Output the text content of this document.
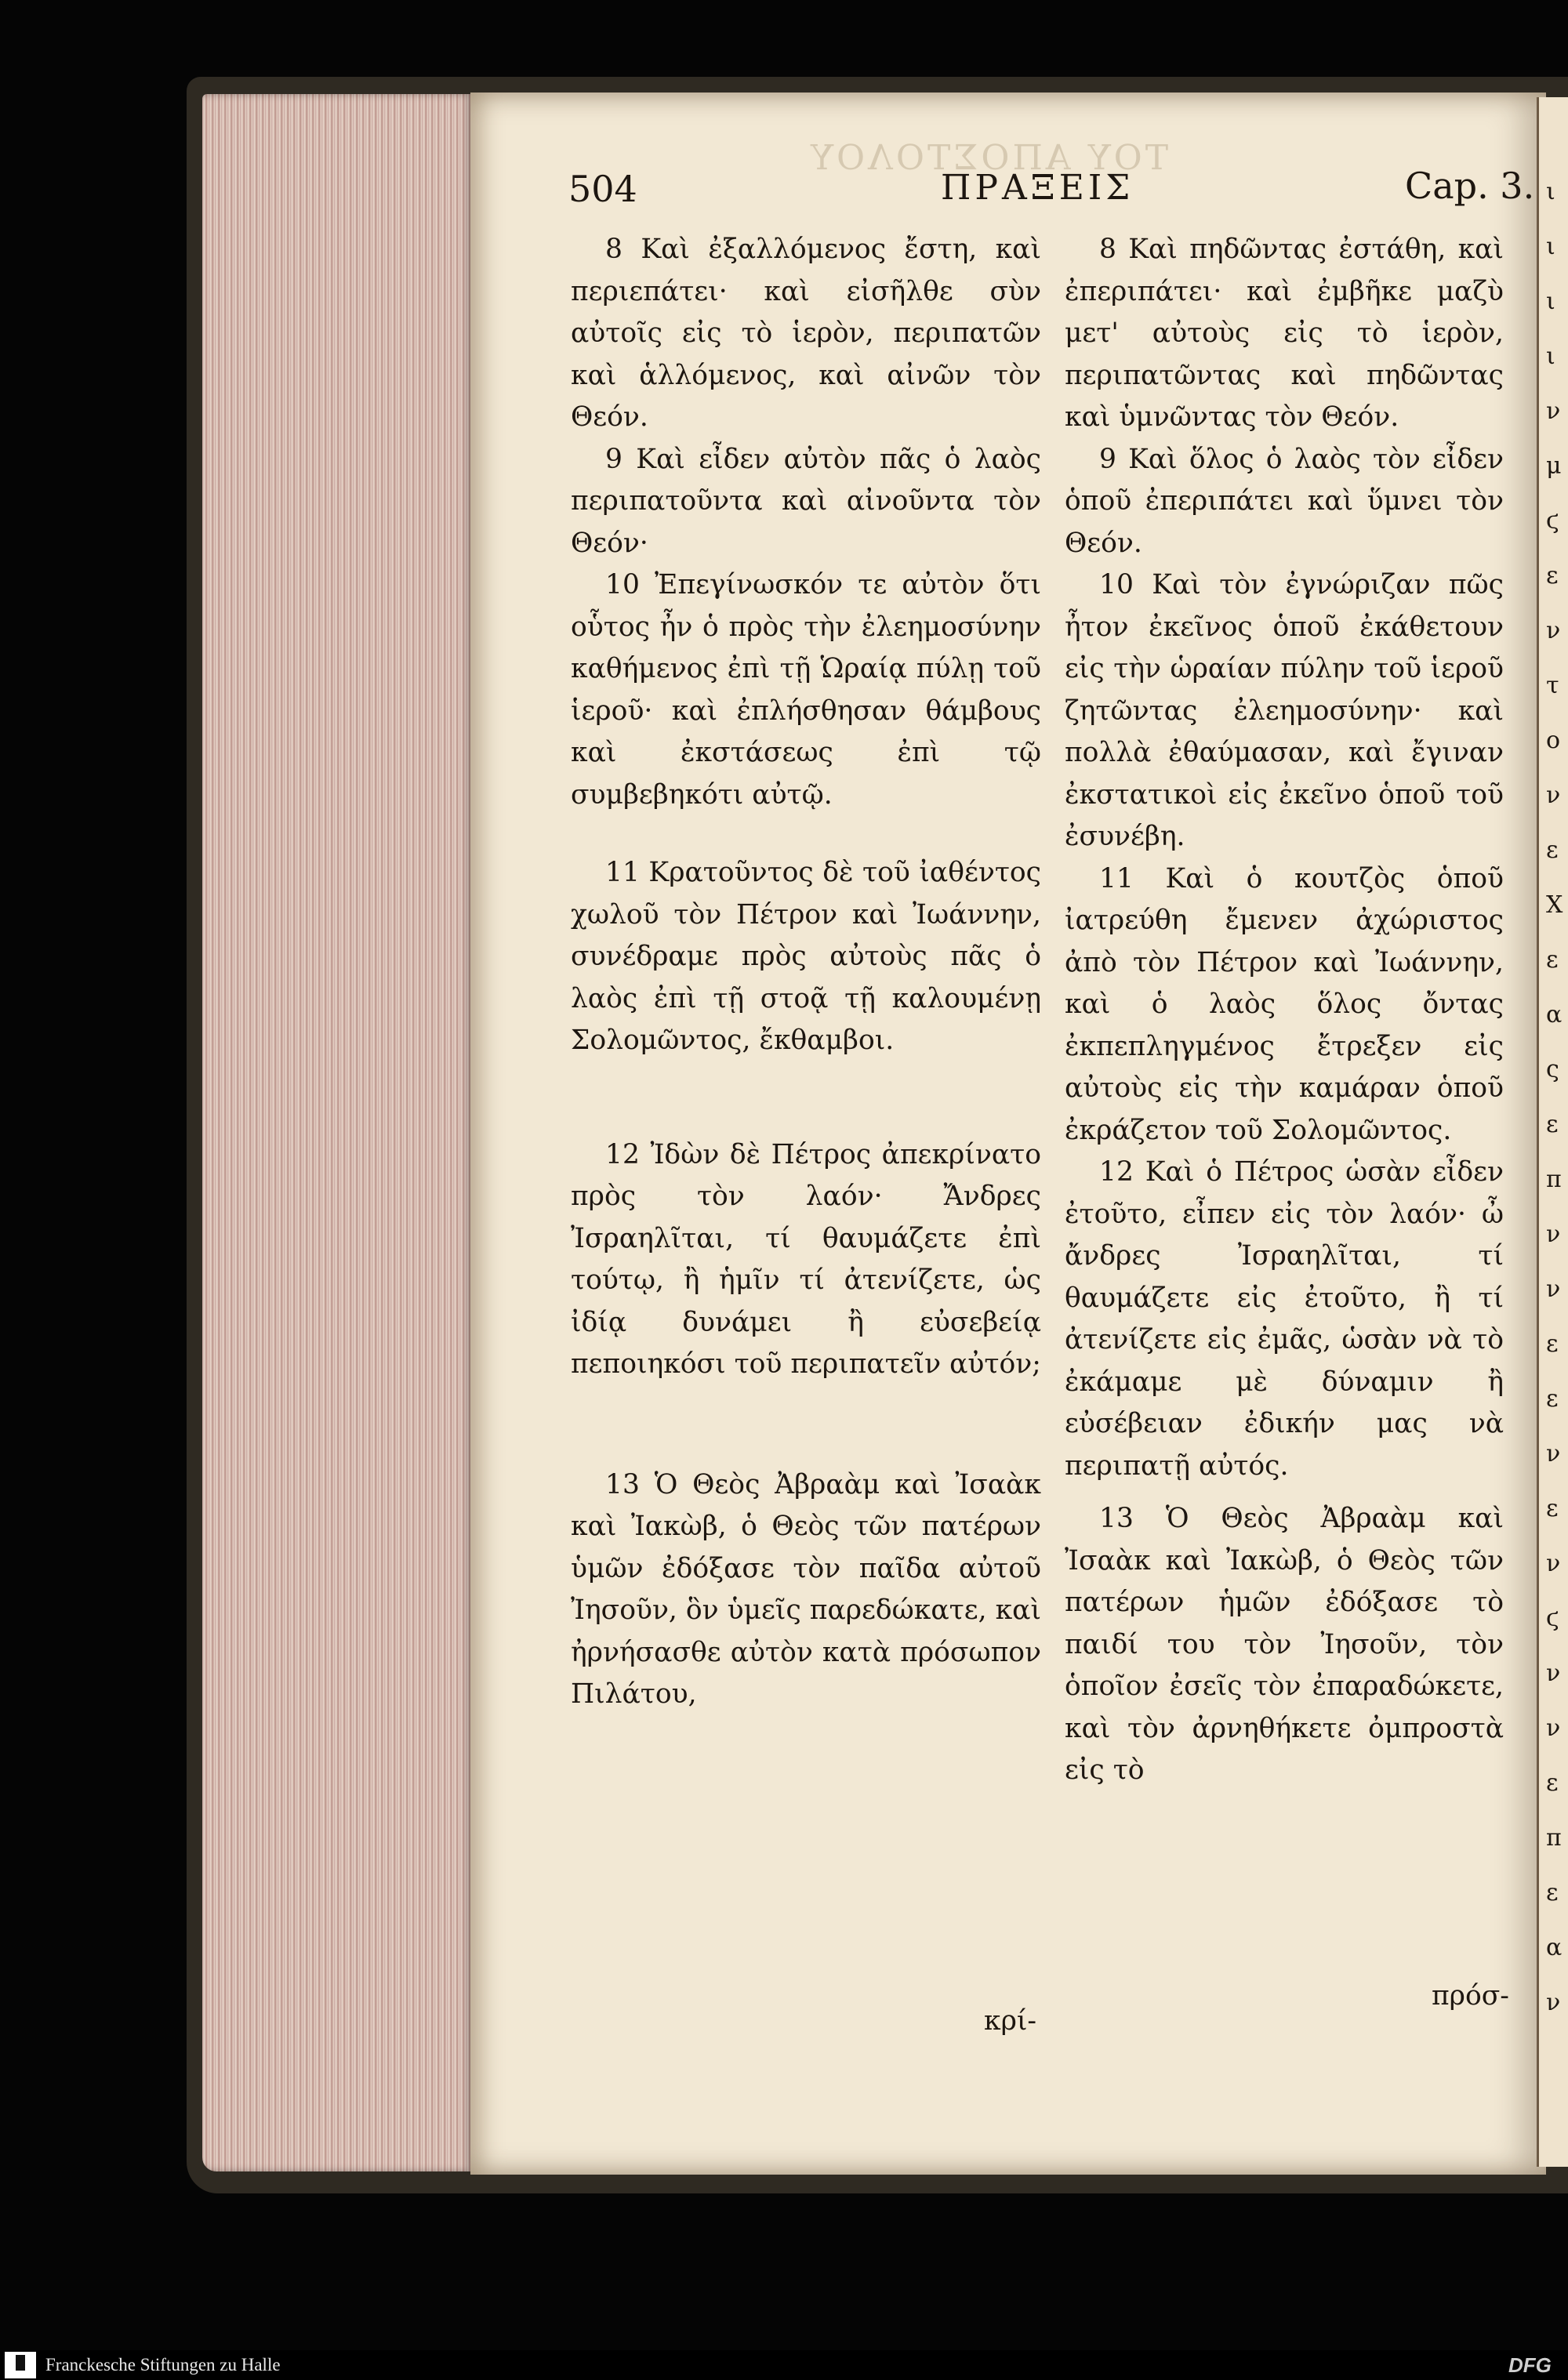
ι
ι
ι
ι
ν
μ
ϛ
ε
ν
τ
ο
ν
ε
Χ
ε
α
ς
ε
π
ν
ν
ε
ε
ν
ε
ν
ϛ
ν
ν
ε
π
ε
α
ν
ΤΟΥ ΑΠΟΣΤΟΛΟΥ
504	ΠΡΑΞΕΙΣ	Cap. 3.

8 Καὶ ἐξαλλόμενος ἔστη, καὶ περιεπάτει· καὶ εἰσῆλθε σὺν αὐτοῖς εἰς τὸ ἱερὸν, περιπατῶν καὶ ἁλλόμενος, καὶ αἰνῶν τὸν Θεόν.

9 Καὶ εἶδεν αὐτὸν πᾶς ὁ λαὸς περιπατοῦντα καὶ αἰνοῦντα τὸν Θεόν·

10 Ἐπεγίνωσκόν τε αὐτὸν ὅτι οὗτος ἦν ὁ πρὸς τὴν ἐλεημοσύνην καθήμενος ἐπὶ τῇ Ὡραίᾳ πύλῃ τοῦ ἱεροῦ· καὶ ἐπλήσθησαν θάμβους καὶ ἐκστάσεως ἐπὶ τῷ συμβεβηκότι αὐτῷ.

11 Κρατοῦντος δὲ τοῦ ἰαθέντος χωλοῦ τὸν Πέτρον καὶ Ἰωάννην, συνέδραμε πρὸς αὐτοὺς πᾶς ὁ λαὸς ἐπὶ τῇ στοᾷ τῇ καλουμένῃ Σολομῶντος, ἔκθαμβοι.

12 Ἰδὼν δὲ Πέτρος ἀπεκρίνατο πρὸς τὸν λαόν· Ἄνδρες Ἰσραηλῖται, τί θαυμάζετε ἐπὶ τούτῳ, ἢ ἡμῖν τί ἀτενίζετε, ὡς ἰδίᾳ δυνάμει ἢ εὐσεβείᾳ πεποιηκόσι τοῦ περιπατεῖν αὐτόν;

13 Ὁ Θεὸς Ἀβραὰμ καὶ Ἰσαὰκ καὶ Ἰακὼβ, ὁ Θεὸς τῶν πατέρων ὑμῶν ἐδόξασε τὸν παῖδα αὐτοῦ Ἰησοῦν, ὃν ὑμεῖς παρεδώκατε, καὶ ἠρνήσασθε αὐτὸν κατὰ πρόσωπον Πιλάτου,

κρί-

8 Καὶ πηδῶντας ἐστάθη, καὶ ἐπεριπάτει· καὶ ἐμβῆκε μαζὺ μετ' αὐτοὺς εἰς τὸ ἱερὸν, περιπατῶντας καὶ πηδῶντας καὶ ὑμνῶντας τὸν Θεόν.

9 Καὶ ὅλος ὁ λαὸς τὸν εἶδεν ὁποῦ ἐπεριπάτει καὶ ὕμνει τὸν Θεόν.

10 Καὶ τὸν ἐγνώριζαν πῶς ἦτον ἐκεῖνος ὁποῦ ἐκάθετουν εἰς τὴν ὡραίαν πύλην τοῦ ἱεροῦ ζητῶντας ἐλεημοσύνην· καὶ πολλὰ ἐθαύμασαν, καὶ ἔγιναν ἐκστατικοὶ εἰς ἐκεῖνο ὁποῦ τοῦ ἐσυνέβη.

11 Καὶ ὁ κουτζὸς ὁποῦ ἰατρεύθη ἔμενεν ἀχώριστος ἀπὸ τὸν Πέτρον καὶ Ἰωάννην, καὶ ὁ λαὸς ὅλος ὄντας ἐκπεπληγμένος ἔτρεξεν εἰς αὐτοὺς εἰς τὴν καμάραν ὁποῦ ἐκράζετον τοῦ Σολομῶντος.

12 Καὶ ὁ Πέτρος ὡσὰν εἶδεν ἐτοῦτο, εἶπεν εἰς τὸν λαόν· ὦ ἄνδρες Ἰσραηλῖται, τί θαυμάζετε εἰς ἐτοῦτο, ἢ τί ἀτενίζετε εἰς ἐμᾶς, ὡσὰν νὰ τὸ ἐκάμαμε μὲ δύναμιν ἢ εὐσέβειαν ἐδικήν μας νὰ περιπατῇ αὐτός.

13 Ὁ Θεὸς Ἀβραὰμ καὶ Ἰσαὰκ καὶ Ἰακὼβ, ὁ Θεὸς τῶν πατέρων ἡμῶν ἐδόξασε τὸ παιδί του τὸν Ἰησοῦν, τὸν ὁποῖον ἐσεῖς τὸν ἐπαραδώκετε, καὶ τὸν ἀρνηθήκετε ὀμπροστὰ εἰς τὸ

πρόσ-
Franckesche Stiftungen zu Halle	DFG
